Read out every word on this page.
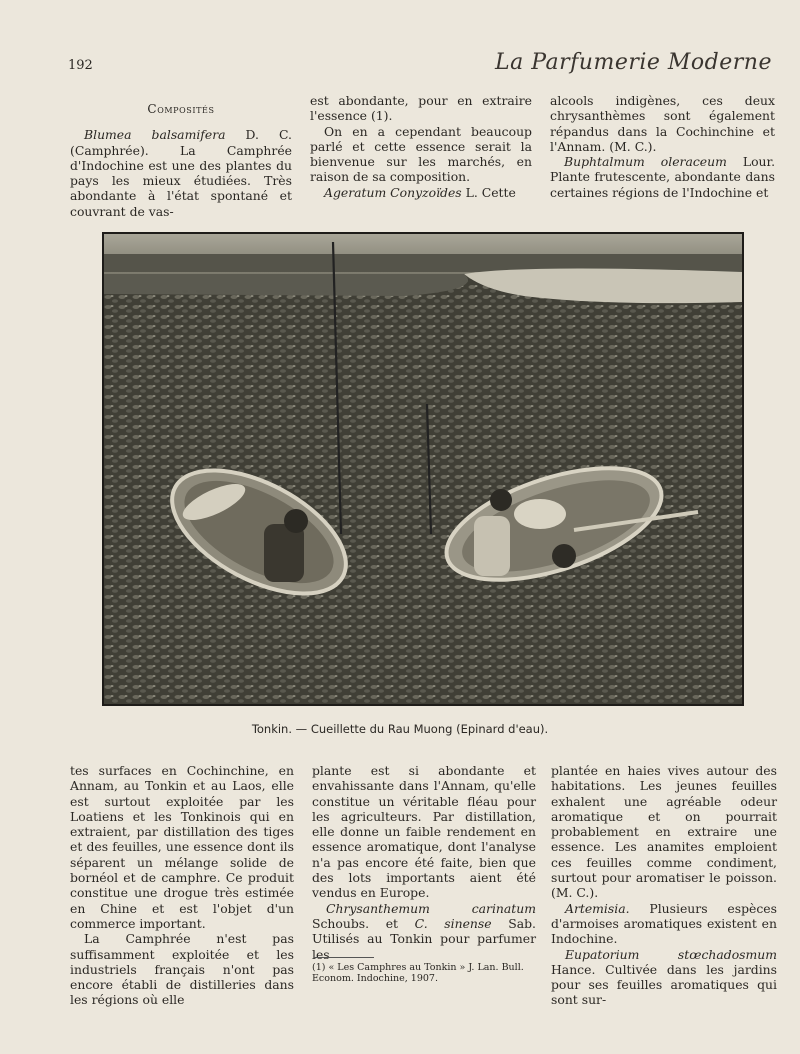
192	La Parfumerie Moderne

Composités

Blumea balsamifera D. C. (Camphrée). La Camphrée d'Indochine est une des plantes du pays les mieux étudiées. Très abondante à l'état spontané et couvrant de vas-

est abondante, pour en extraire l'essence (1).

On en a cependant beaucoup parlé et cette essence serait la bienvenue sur les marchés, en raison de sa composition.

Ageratum Conyzoïdes L. Cette

alcools indigènes, ces deux chrysanthèmes sont également répandus dans la Cochinchine et l'Annam. (M. C.).

Buphtalmum oleraceum Lour. Plante frutescente, abondante dans certaines régions de l'Indochine et

Tonkin. — Cueillette du Rau Muong (Epinard d'eau).

tes surfaces en Cochinchine, en Annam, au Tonkin et au Laos, elle est surtout exploitée par les Loatiens et les Tonkinois qui en extraient, par distillation des tiges et des feuilles, une essence dont ils séparent un mélange solide de bornéol et de camphre. Ce produit constitue une drogue très estimée en Chine et est l'objet d'un commerce important.

La Camphrée n'est pas suffisamment exploitée et les industriels français n'ont pas encore établi de distilleries dans les régions où elle

plante est si abondante et envahissante dans l'Annam, qu'elle constitue un véritable fléau pour les agriculteurs. Par distillation, elle donne un faible rendement en essence aromatique, dont l'analyse n'a pas encore été faite, bien que des lots importants aient été vendus en Europe.

Chrysanthemum carinatum Schoubs. et C. sinense Sab. Utilisés au Tonkin pour parfumer les

(1) « Les Camphres au Tonkin » J. Lan. Bull. Econom. Indochine, 1907.

plantée en haies vives autour des habitations. Les jeunes feuilles exhalent une agréable odeur aromatique et on pourrait probablement en extraire une essence. Les anamites emploient ces feuilles comme condiment, surtout pour aromatiser le poisson. (M. C.).

Artemisia. Plusieurs espèces d'armoises aromatiques existent en Indochine.

Eupatorium stœchadosmum Hance. Cultivée dans les jardins pour ses feuilles aromatiques qui sont sur-
